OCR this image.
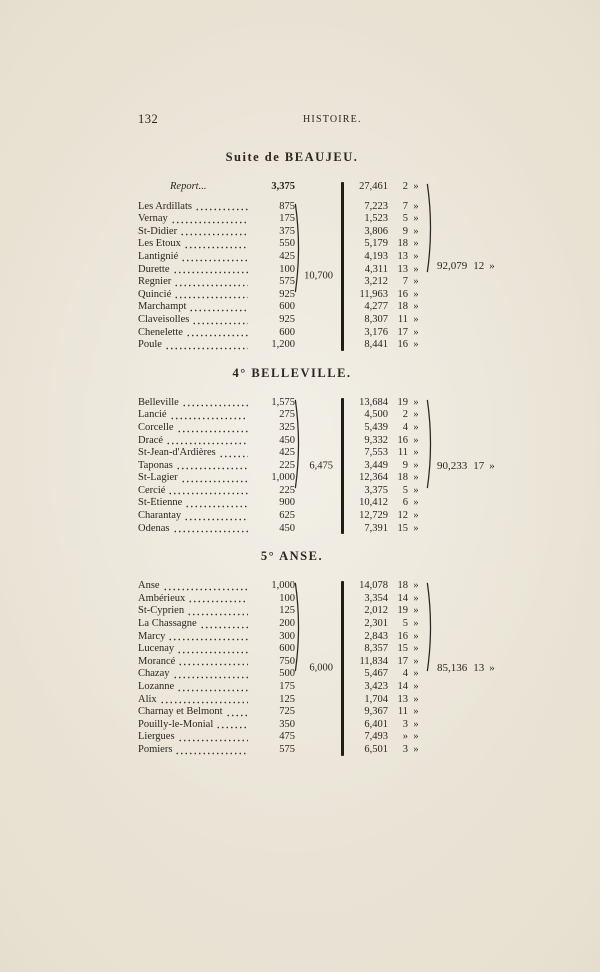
132	HISTOIRE.
Suite de BEAUJEU.
Report...	3,375	27,461	2 »
10,700
Les Ardillats	875	7,223	7 »
Vernay	175	1,523	5 »
St-Didier	375	3,806	9 »
Les Etoux	550	5,179 18 »
Lantignié	425	4,193 13 »
Durette	100	4,311 13 »
Regnier	575	3,212	7 »
Quincié	925	11,963 16 »
Marchampt	600	4,277 18 »
Claveisolles	925	8,307 11 »
Chenelette	600	3,176 17 »
Poule	1,200	8,441 16 »
92,079 12 »
4° BELLEVILLE.
6,475
Belleville	1,575	13,684 19 »
Lancié	275	4,500	2 »
Corcelle	325	5,439	4 »
Dracé	450	9,332 16 »
St-Jean-d'Ardières	425	7,553 11 »
Taponas	225	3,449	9 »
St-Lagier	1,000	12,364 18 »
Cercié	225	3,375	5 »
St-Étienne	900	10,412	6 »
Charantay	625	12,729 12 »
Odenas	450	7,391 15 »
90,233 17 »
5° ANSE.
6,000
Anse	1,000	14,078 18 »
Ambérieux	100	3,354 14 »
St-Cyprien	125	2,012 19 »
La Chassagne	200	2,301	5 »
Marcy	300	2,843 16 »
Lucenay	600	8,357 15 »
Morancé	750	11,834 17 »
Chazay	500	5,467	4 »
Lozanne	175	3,423 14 »
Alix	125	1,704 13 »
Charnay et Belmont	725	9,367 11 »
Pouilly-le-Monial	350	6,401	3 »
Liergues	475	7,493	» »
Pomiers	575	6,501	3 »
85,136 13 »
